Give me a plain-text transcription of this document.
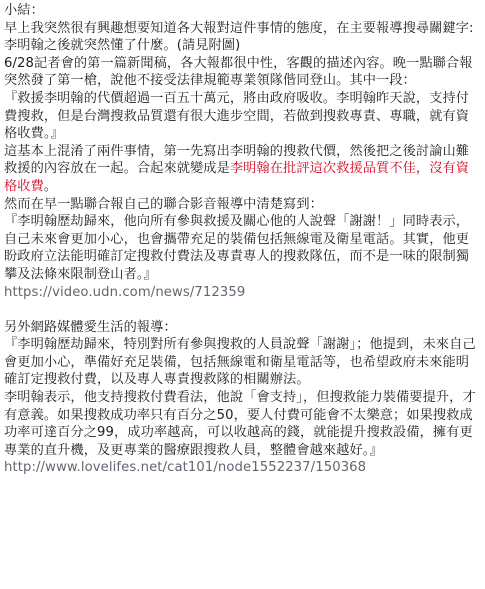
小結：

早上我突然很有興趣想要知道各大報對這件事情的態度，在主要報導搜尋關鍵字:李明翰之後就突然懂了什麼。(請見附圖)

6/28記者會的第一篇新聞稿，各大報都很中性，客觀的描述內容。晚一點聯合報突然發了第一槍，說他不接受法律規範專業領隊偕同登山。其中一段：

『救援李明翰的代價超過一百五十萬元，將由政府吸收。李明翰昨天說，支持付費搜救，但是台灣搜救品質還有很大進步空間，若做到搜救專責、專職，就有資格收費。』

這基本上混淆了兩件事情，第一先寫出李明翰的搜救代價，然後把之後討論山難救援的內容放在一起。合起來就變成是李明翰在批評這次救援品質不佳，沒有資格收費。

然而在早一點聯合報自己的聯合影音報導中清楚寫到：

『李明翰歷劫歸來，他向所有參與救援及關心他的人說聲「謝謝！」同時表示，自己未來會更加小心，也會攜帶充足的裝備包括無線電及衛星電話。其實，他更盼政府立法能明確訂定搜救付費法及專責專人的搜救隊伍，而不是一味的限制獨攀及法條來限制登山者。』

https://video.udn.com/news/712359

另外網路媒體愛生活的報導：

『李明翰歷劫歸來，特別對所有參與搜救的人員說聲「謝謝」；他提到，未來自己會更加小心，準備好充足裝備，包括無線電和衛星電話等，也希望政府未來能明確訂定搜救付費，以及專人專責搜救隊的相關辦法。

李明翰表示，他支持搜救付費看法，他說「會支持」，但搜救能力裝備要提升，才有意義。如果搜救成功率只有百分之50，要人付費可能會不太樂意；如果搜救成功率可達百分之99，成功率越高，可以收越高的錢，就能提升搜救設備，擁有更專業的直升機，及更專業的醫療跟搜救人員，整體會越來越好。』

http://www.lovelifes.net/cat101/node1552237/150368
